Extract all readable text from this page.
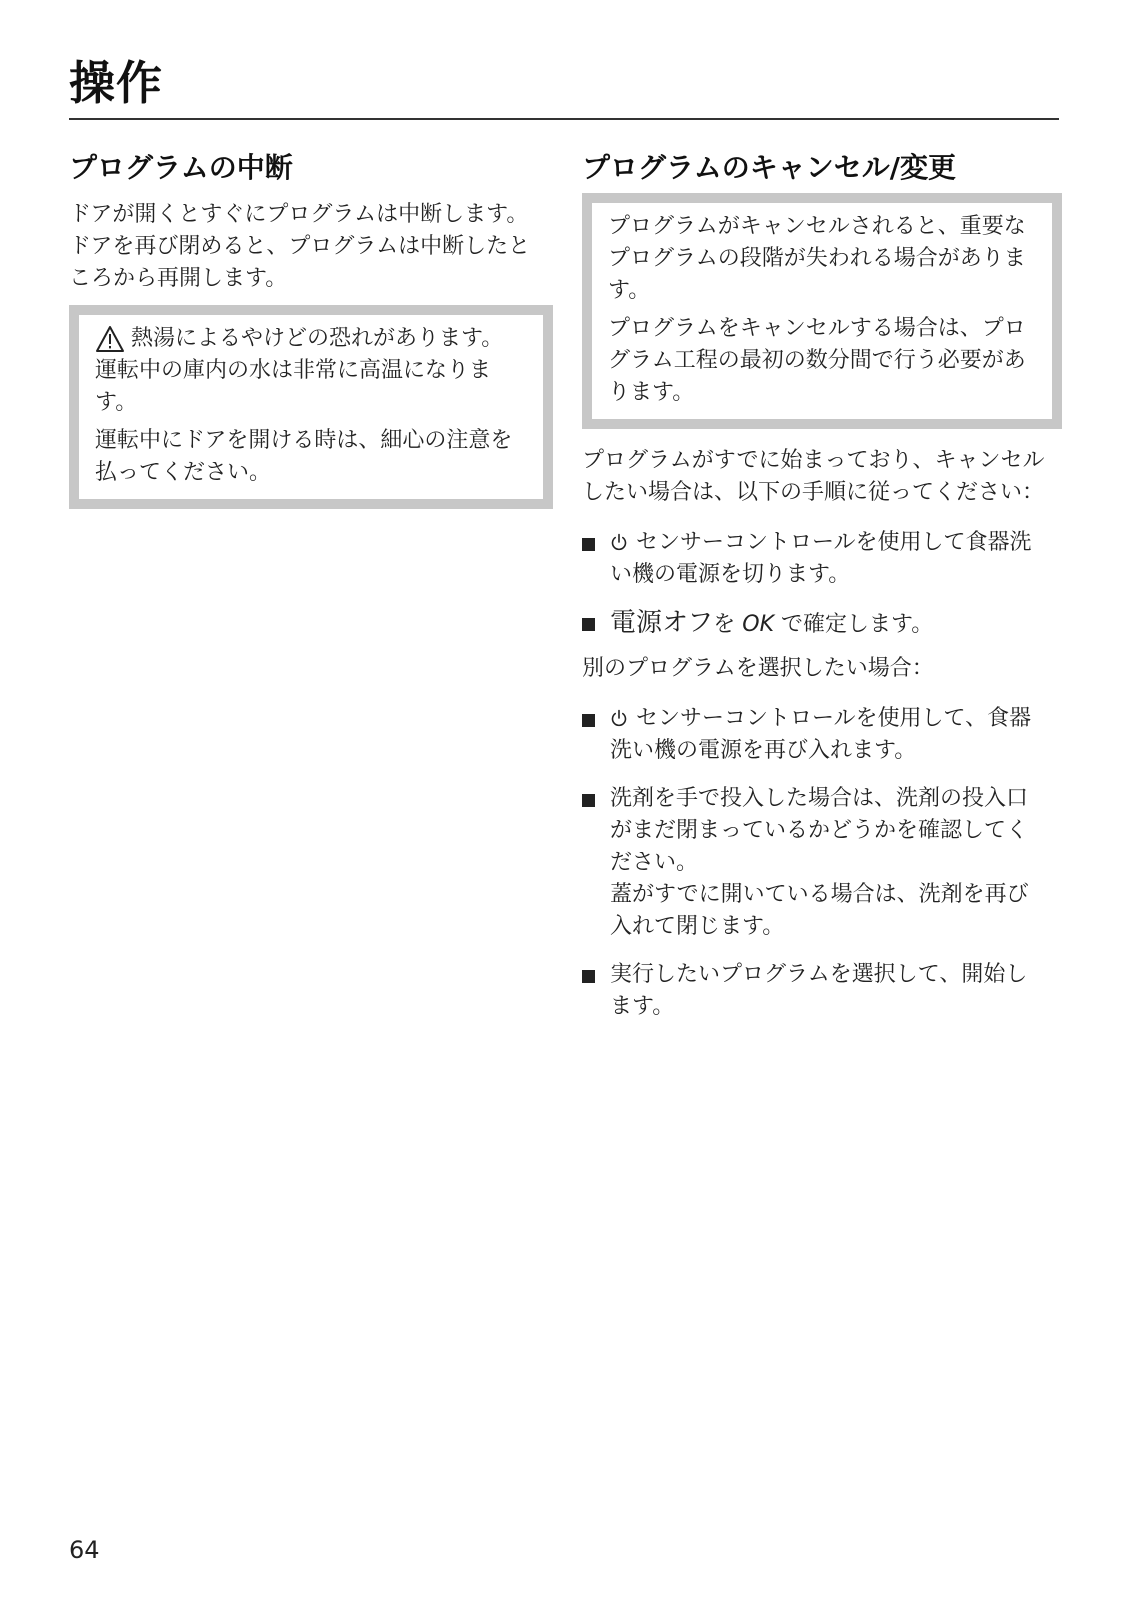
操作
プログラムの中断

ドアが開くとすぐにプログラムは中断します。
ドアを再び閉めると、プログラムは中断したと
ころから再開します。

熱湯によるやけどの恐れがあります。

運転中の庫内の水は非常に高温になりま
す。

運転中にドアを開ける時は、細心の注意を
払ってください。

プログラムのキャンセル/変更

プログラムがキャンセルされると、重要な
プログラムの段階が失われる場合がありま
す。

プログラムをキャンセルする場合は、プロ
グラム工程の最初の数分間で行う必要があ
ります。

プログラムがすでに始まっており、キャンセル
したい場合は、以下の手順に従ってください：

センサーコントロールを使用して食器洗
い機の電源を切ります。
電源オフを OK で確定します。

別のプログラムを選択したい場合：

センサーコントロールを使用して、食器
洗い機の電源を再び入れます。
洗剤を手で投入した場合は、洗剤の投入口
がまだ閉まっているかどうかを確認してく
ださい。
蓋がすでに開いている場合は、洗剤を再び
入れて閉じます。
実行したいプログラムを選択して、開始し
ます。
64
